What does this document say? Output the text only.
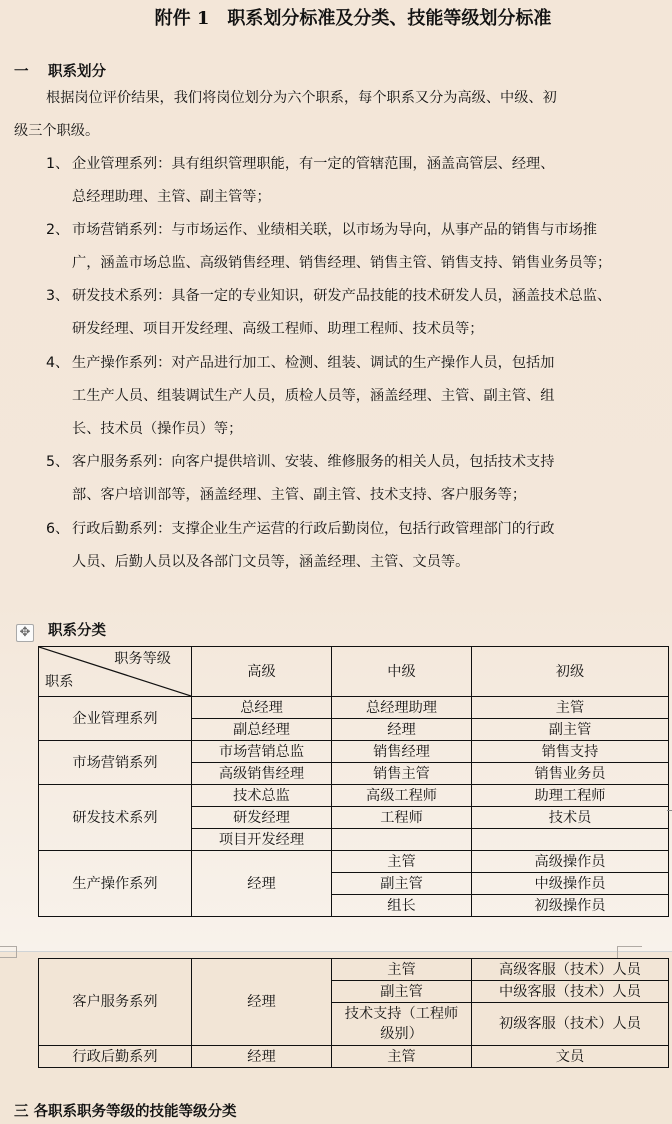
附件 1　职系划分标准及分类、技能等级划分标准
一 职系划分
根据岗位评价结果，我们将岗位划分为六个职系，每个职系又分为高级、中级、初
级三个职级。
1、 企业管理系列：具有组织管理职能，有一定的管辖范围，涵盖高管层、经理、
总经理助理、主管、副主管等；
2、 市场营销系列：与市场运作、业绩相关联，以市场为导向，从事产品的销售与市场推
广，涵盖市场总监、高级销售经理、销售经理、销售主管、销售支持、销售业务员等；
3、 研发技术系列：具备一定的专业知识，研发产品技能的技术研发人员，涵盖技术总监、
研发经理、项目开发经理、高级工程师、助理工程师、技术员等；
4、 生产操作系列：对产品进行加工、检测、组装、调试的生产操作人员，包括加
工生产人员、组装调试生产人员，质检人员等，涵盖经理、主管、副主管、组
长、技术员（操作员）等；
5、 客户服务系列：向客户提供培训、安装、维修服务的相关人员，包括技术支持
部、客户培训部等，涵盖经理、主管、副主管、技术支持、客户服务等；
6、 行政后勤系列：支撑企业生产运营的行政后勤岗位，包括行政管理部门的行政
人员、后勤人员以及各部门文员等，涵盖经理、主管、文员等。
✥	职系分类
职务等级
职系	高级	中级	初级
企业管理系列	总经理	总经理助理	主管
	副总经理	经理	副主管
市场营销系列	市场营销总监	销售经理	销售支持
	高级销售经理	销售主管	销售业务员
研发技术系列	技术总监	高级工程师	助理工程师
	研发经理	工程师	技术员
	项目开发经理		
生产操作系列	经理	主管	高级操作员
		副主管	中级操作员
		组长	初级操作员
客户服务系列	经理	主管	高级客服（技术）人员
		副主管	中级客服（技术）人员
		技术支持（工程师级别）	初级客服（技术）人员
行政后勤系列	经理	主管	文员
三 各职系职务等级的技能等级分类
